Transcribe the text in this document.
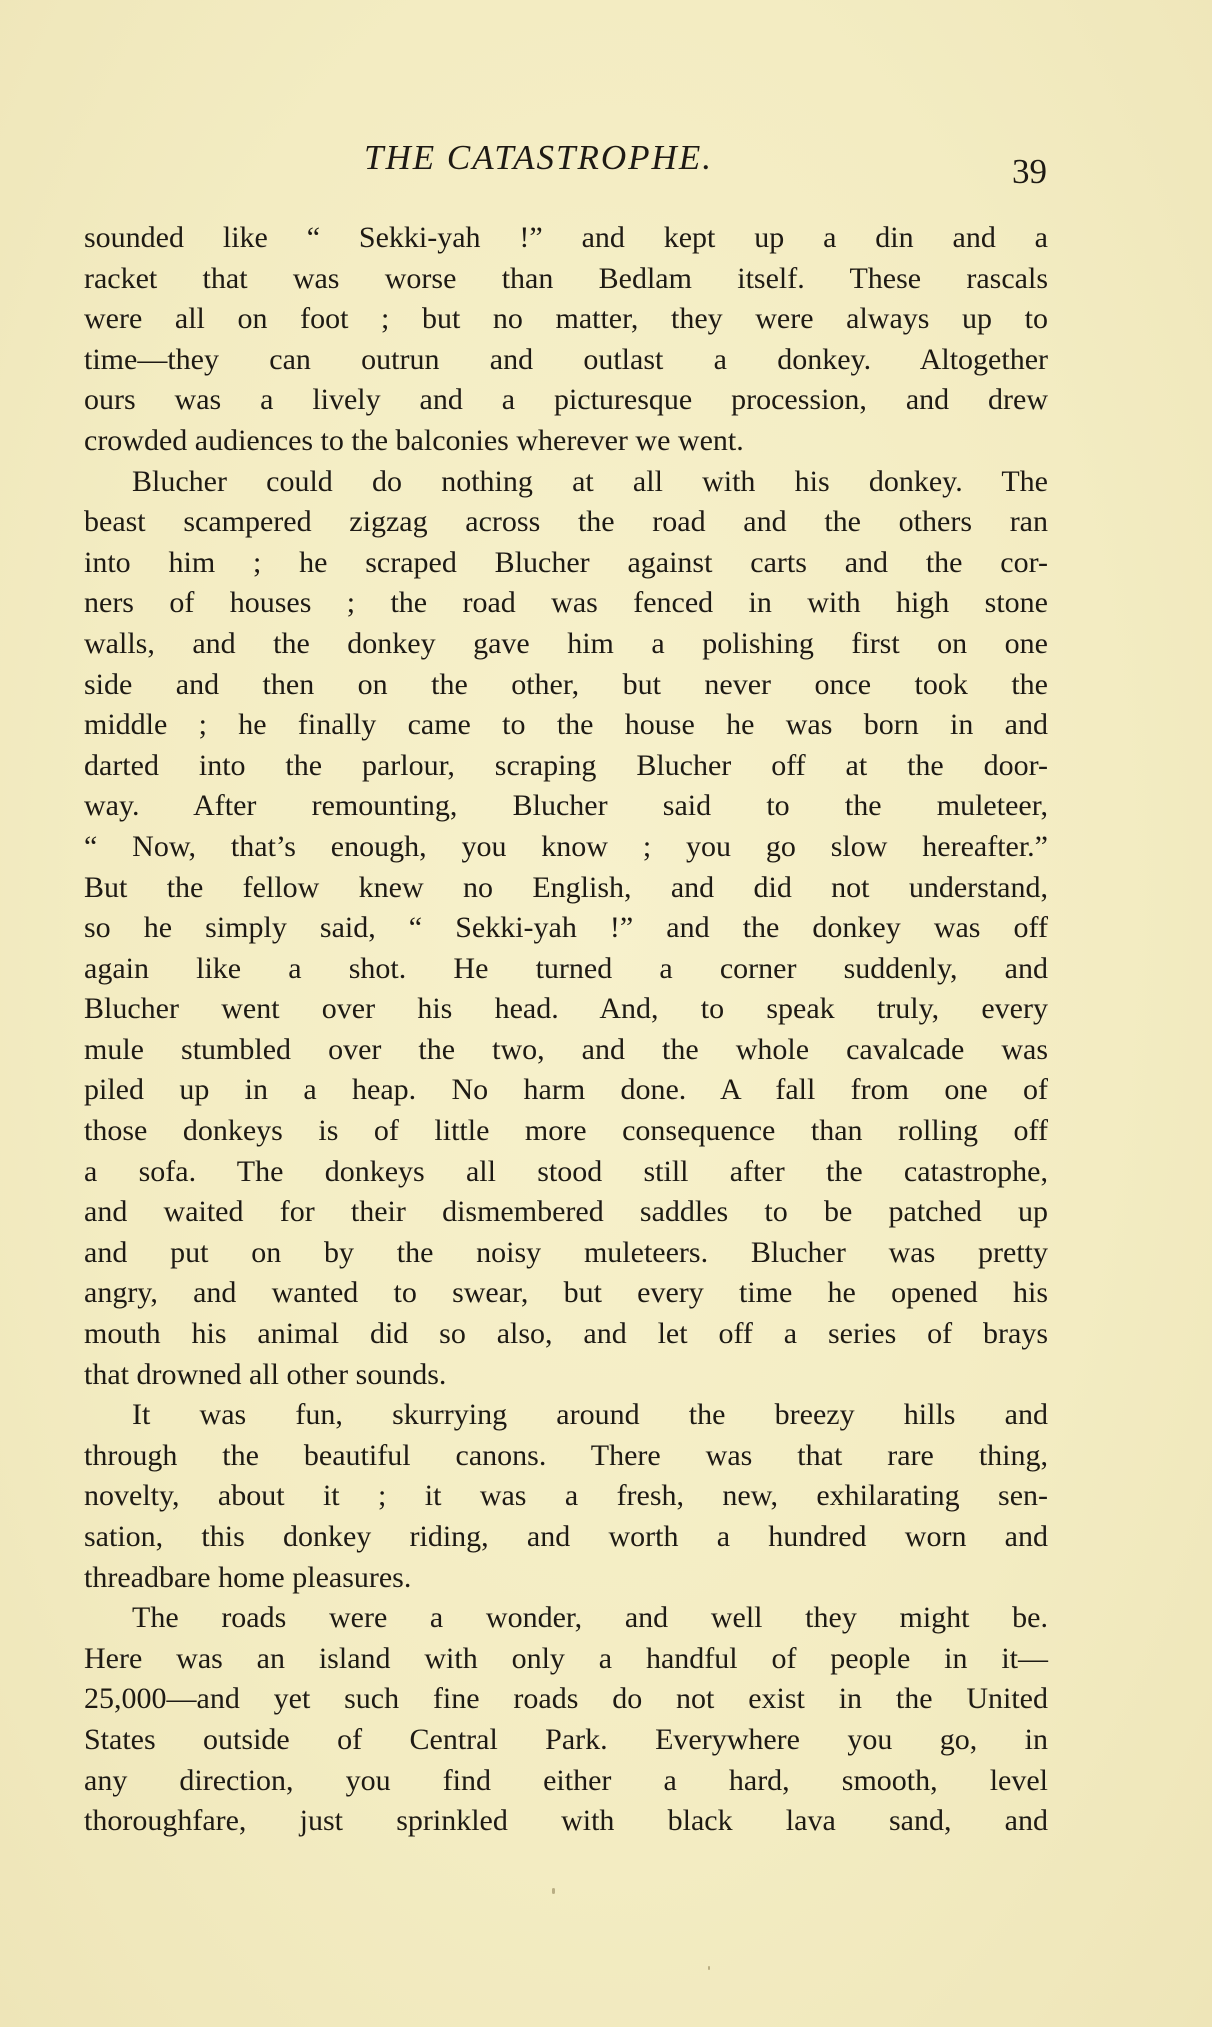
THE CATASTROPHE.	39
sounded like “ Sekki-yah !” and kept up a din and a
racket that was worse than Bedlam itself. These rascals
were all on foot ; but no matter, they were always up to
time—they can outrun and outlast a donkey. Altogether
ours was a lively and a picturesque procession, and drew
crowded audiences to the balconies wherever we went.
Blucher could do nothing at all with his donkey. The
beast scampered zigzag across the road and the others ran
into him ; he scraped Blucher against carts and the cor-
ners of houses ; the road was fenced in with high stone
walls, and the donkey gave him a polishing first on one
side and then on the other, but never once took the
middle ; he finally came to the house he was born in and
darted into the parlour, scraping Blucher off at the door-
way. After remounting, Blucher said to the muleteer,
“ Now, that’s enough, you know ; you go slow hereafter.”
But the fellow knew no English, and did not understand,
so he simply said, “ Sekki-yah !” and the donkey was off
again like a shot. He turned a corner suddenly, and
Blucher went over his head. And, to speak truly, every
mule stumbled over the two, and the whole cavalcade was
piled up in a heap. No harm done. A fall from one of
those donkeys is of little more consequence than rolling off
a sofa. The donkeys all stood still after the catastrophe,
and waited for their dismembered saddles to be patched up
and put on by the noisy muleteers. Blucher was pretty
angry, and wanted to swear, but every time he opened his
mouth his animal did so also, and let off a series of brays
that drowned all other sounds.
It was fun, skurrying around the breezy hills and
through the beautiful canons. There was that rare thing,
novelty, about it ; it was a fresh, new, exhilarating sen-
sation, this donkey riding, and worth a hundred worn and
threadbare home pleasures.
The roads were a wonder, and well they might be.
Here was an island with only a handful of people in it—
25,000—and yet such fine roads do not exist in the United
States outside of Central Park. Everywhere you go, in
any direction, you find either a hard, smooth, level
thoroughfare, just sprinkled with black lava sand, and
